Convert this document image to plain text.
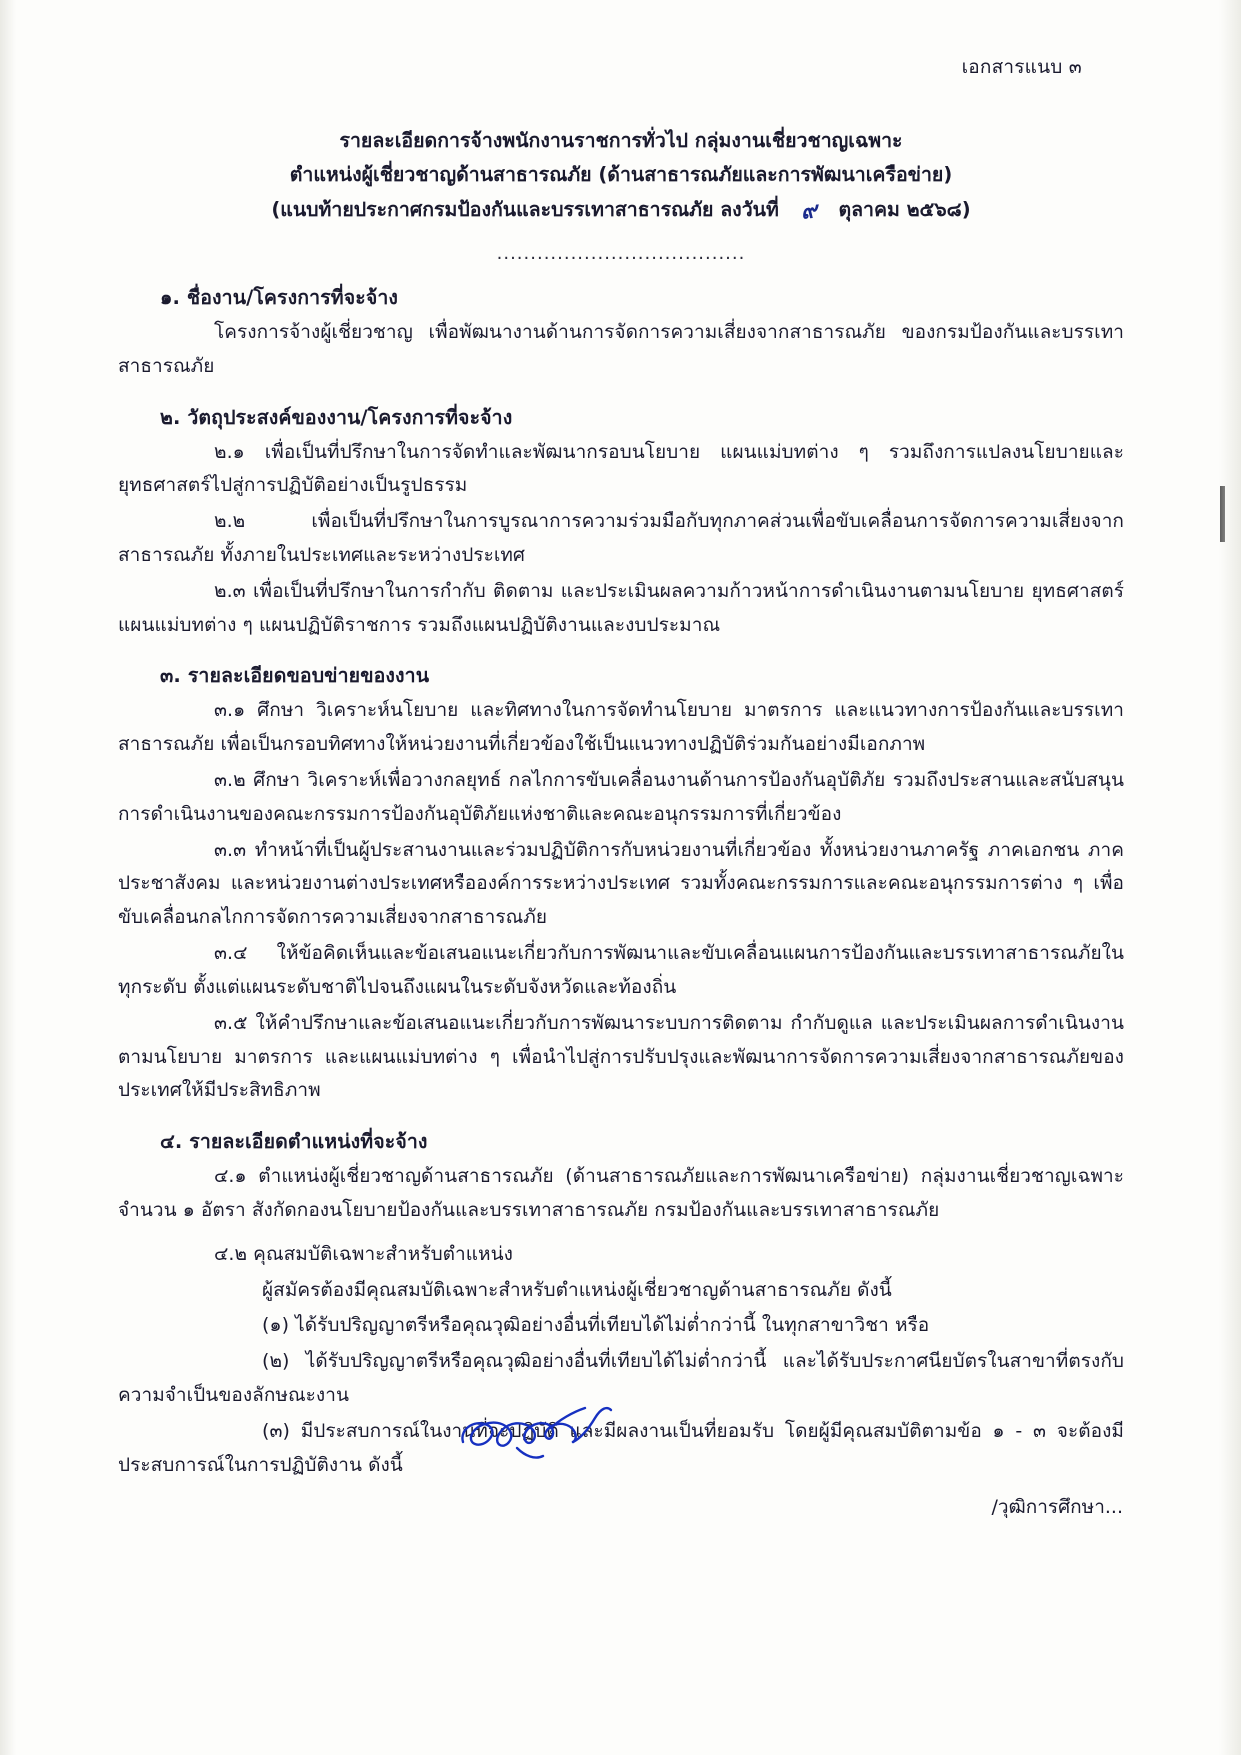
เอกสารแนบ ๓
รายละเอียดการจ้างพนักงานราชการทั่วไป กลุ่มงานเชี่ยวชาญเฉพาะ
ตำแหน่งผู้เชี่ยวชาญด้านสาธารณภัย (ด้านสาธารณภัยและการพัฒนาเครือข่าย)
(แนบท้ายประกาศกรมป้องกันและบรรเทาสาธารณภัย ลงวันที่ ๙ ตุลาคม ๒๕๖๘)
.....................................
๑. ชื่องาน/โครงการที่จะจ้าง

โครงการจ้างผู้เชี่ยวชาญ เพื่อพัฒนางานด้านการจัดการความเสี่ยงจากสาธารณภัย ของกรมป้องกันและบรรเทาสาธารณภัย

๒. วัตถุประสงค์ของงาน/โครงการที่จะจ้าง

๒.๑ เพื่อเป็นที่ปรึกษาในการจัดทำและพัฒนากรอบนโยบาย แผนแม่บทต่าง ๆ รวมถึงการแปลงนโยบายและยุทธศาสตร์ไปสู่การปฏิบัติอย่างเป็นรูปธรรม

๒.๒ เพื่อเป็นที่ปรึกษาในการบูรณาการความร่วมมือกับทุกภาคส่วนเพื่อขับเคลื่อนการจัดการความเสี่ยงจากสาธารณภัย ทั้งภายในประเทศและระหว่างประเทศ

๒.๓ เพื่อเป็นที่ปรึกษาในการกำกับ ติดตาม และประเมินผลความก้าวหน้าการดำเนินงานตามนโยบาย ยุทธศาสตร์ แผนแม่บทต่าง ๆ แผนปฏิบัติราชการ รวมถึงแผนปฏิบัติงานและงบประมาณ

๓. รายละเอียดขอบข่ายของงาน

๓.๑ ศึกษา วิเคราะห์นโยบาย และทิศทางในการจัดทำนโยบาย มาตรการ และแนวทางการป้องกันและบรรเทาสาธารณภัย เพื่อเป็นกรอบทิศทางให้หน่วยงานที่เกี่ยวข้องใช้เป็นแนวทางปฏิบัติร่วมกันอย่างมีเอกภาพ

๓.๒ ศึกษา วิเคราะห์เพื่อวางกลยุทธ์ กลไกการขับเคลื่อนงานด้านการป้องกันอุบัติภัย รวมถึงประสานและสนับสนุนการดำเนินงานของคณะกรรมการป้องกันอุบัติภัยแห่งชาติและคณะอนุกรรมการที่เกี่ยวข้อง

๓.๓ ทำหน้าที่เป็นผู้ประสานงานและร่วมปฏิบัติการกับหน่วยงานที่เกี่ยวข้อง ทั้งหน่วยงานภาครัฐ ภาคเอกชน ภาคประชาสังคม และหน่วยงานต่างประเทศหรือองค์การระหว่างประเทศ รวมทั้งคณะกรรมการและคณะอนุกรรมการต่าง ๆ เพื่อขับเคลื่อนกลไกการจัดการความเสี่ยงจากสาธารณภัย

๓.๔ ให้ข้อคิดเห็นและข้อเสนอแนะเกี่ยวกับการพัฒนาและขับเคลื่อนแผนการป้องกันและบรรเทาสาธารณภัยในทุกระดับ ตั้งแต่แผนระดับชาติไปจนถึงแผนในระดับจังหวัดและท้องถิ่น

๓.๕ ให้คำปรึกษาและข้อเสนอแนะเกี่ยวกับการพัฒนาระบบการติดตาม กำกับดูแล และประเมินผลการดำเนินงานตามนโยบาย มาตรการ และแผนแม่บทต่าง ๆ เพื่อนำไปสู่การปรับปรุงและพัฒนาการจัดการความเสี่ยงจากสาธารณภัยของประเทศให้มีประสิทธิภาพ

๔. รายละเอียดตำแหน่งที่จะจ้าง

๔.๑ ตำแหน่งผู้เชี่ยวชาญด้านสาธารณภัย (ด้านสาธารณภัยและการพัฒนาเครือข่าย) กลุ่มงานเชี่ยวชาญเฉพาะ จำนวน ๑ อัตรา สังกัดกองนโยบายป้องกันและบรรเทาสาธารณภัย กรมป้องกันและบรรเทาสาธารณภัย

๔.๒ คุณสมบัติเฉพาะสำหรับตำแหน่ง

ผู้สมัครต้องมีคุณสมบัติเฉพาะสำหรับตำแหน่งผู้เชี่ยวชาญด้านสาธารณภัย ดังนี้

(๑) ได้รับปริญญาตรีหรือคุณวุฒิอย่างอื่นที่เทียบได้ไม่ต่ำกว่านี้ ในทุกสาขาวิชา หรือ

(๒) ได้รับปริญญาตรีหรือคุณวุฒิอย่างอื่นที่เทียบได้ไม่ต่ำกว่านี้ และได้รับประกาศนียบัตรในสาขาที่ตรงกับความจำเป็นของลักษณะงาน

(๓) มีประสบการณ์ในงานที่จะปฏิบัติ และมีผลงานเป็นที่ยอมรับ โดยผู้มีคุณสมบัติตามข้อ ๑ - ๓ จะต้องมีประสบการณ์ในการปฏิบัติงาน ดังนี้

/วุฒิการศึกษา...
